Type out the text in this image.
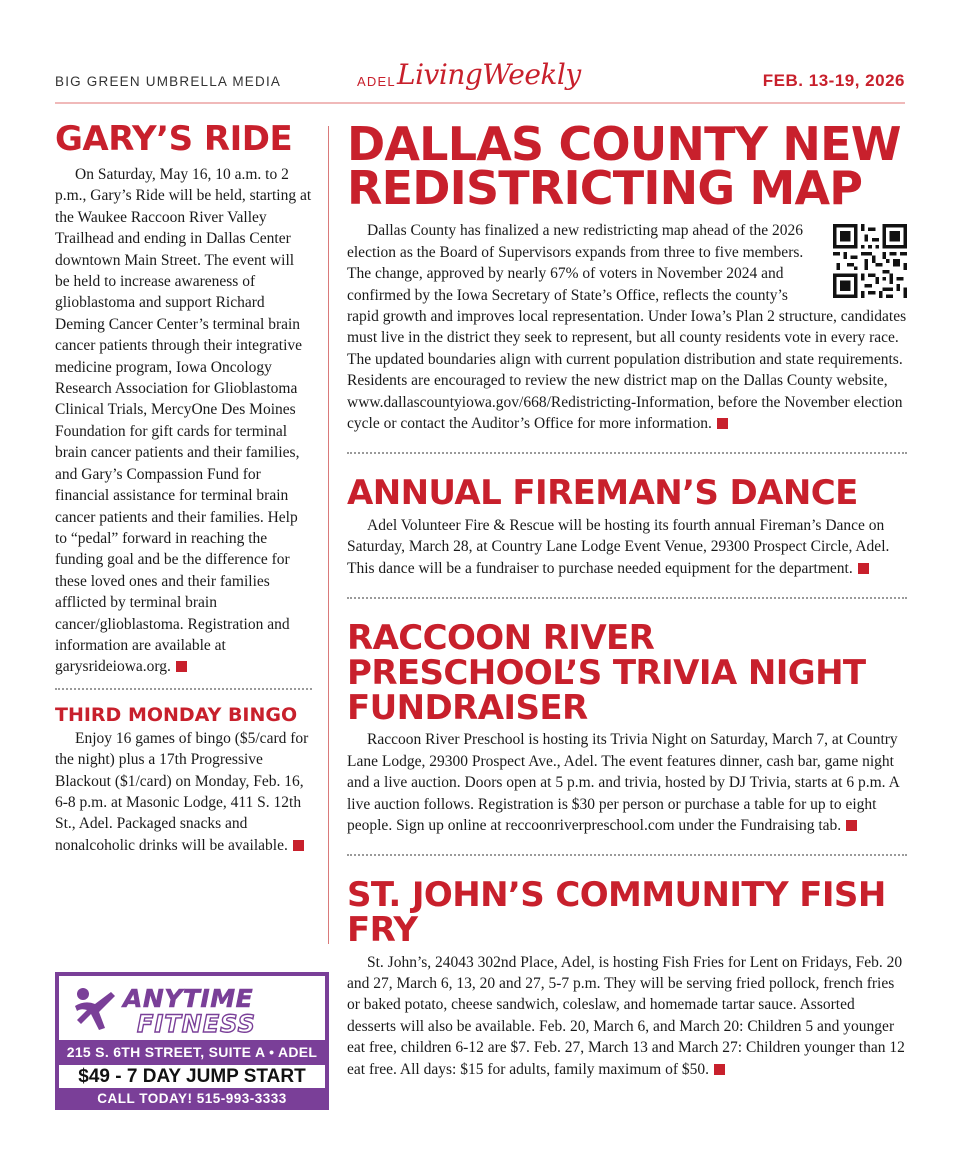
BIG GREEN UMBRELLA MEDIA	ADEL LivingWeekly	FEB. 13-19, 2026
GARY’S RIDE

On Saturday, May 16, 10 a.m. to 2 p.m., Gary’s Ride will be held, starting at the Waukee Raccoon River Valley Trailhead and ending in Dallas Center downtown Main Street. The event will be held to increase awareness of glioblastoma and support Richard Deming Cancer Center’s terminal brain cancer patients through their integrative medicine program, Iowa Oncology Research Association for Glioblastoma Clinical Trials, MercyOne Des Moines Foundation for gift cards for terminal brain cancer patients and their families, and Gary’s Compassion Fund for financial assistance for terminal brain cancer patients and their families. Help to “pedal” forward in reaching the funding goal and be the difference for these loved ones and their families afflicted by terminal brain cancer/glioblastoma. Registration and information are available at garysrideiowa.org.

THIRD MONDAY BINGO

Enjoy 16 games of bingo ($5/card for the night) plus a 17th Progressive Blackout ($1/card) on Monday, Feb. 16, 6-8 p.m. at Masonic Lodge, 411 S. 12th St., Adel. Packaged snacks and nonalcoholic drinks will be available.

DALLAS COUNTY NEW REDISTRICTING MAP

Dallas County has finalized a new redistricting map ahead of the 2026 election as the Board of Supervisors expands from three to five members. The change, approved by nearly 67% of voters in November 2024 and confirmed by the Iowa Secretary of State’s Office, reflects the county’s rapid growth and improves local representation. Under Iowa’s Plan 2 structure, candidates must live in the district they seek to represent, but all county residents vote in every race. The updated boundaries align with current population distribution and state requirements. Residents are encouraged to review the new district map on the Dallas County website, www.dallascountyiowa.gov/668/Redistricting-Information, before the November election cycle or contact the Auditor’s Office for more information.

ANNUAL FIREMAN’S DANCE

Adel Volunteer Fire & Rescue will be hosting its fourth annual Fireman’s Dance on Saturday, March 28, at Country Lane Lodge Event Venue, 29300 Prospect Circle, Adel. This dance will be a fundraiser to purchase needed equipment for the department.

RACCOON RIVER PRESCHOOL’S TRIVIA NIGHT FUNDRAISER

Raccoon River Preschool is hosting its Trivia Night on Saturday, March 7, at Country Lane Lodge, 29300 Prospect Ave., Adel. The event features dinner, cash bar, game night and a live auction. Doors open at 5 p.m. and trivia, hosted by DJ Trivia, starts at 6 p.m. A live auction follows. Registration is $30 per person or purchase a table for up to eight people. Sign up online at reccoonriverpreschool.com under the Fundraising tab.

ST. JOHN’S COMMUNITY FISH FRY

St. John’s, 24043 302nd Place, Adel, is hosting Fish Fries for Lent on Fridays, Feb. 20 and 27, March 6, 13, 20 and 27, 5-7 p.m. They will be serving fried pollock, french fries or baked potato, cheese sandwich, coleslaw, and homemade tartar sauce. Assorted desserts will also be available. Feb. 20, March 6, and March 20: Children 5 and younger eat free, children 6-12 are $7. Feb. 27, March 13 and March 27: Children younger than 12 eat free. All days: $15 for adults, family maximum of $50.

ANYTIME
FITNESS
215 S. 6TH STREET, SUITE A • ADEL
$49 - 7 DAY JUMP START
CALL TODAY! 515-993-3333
